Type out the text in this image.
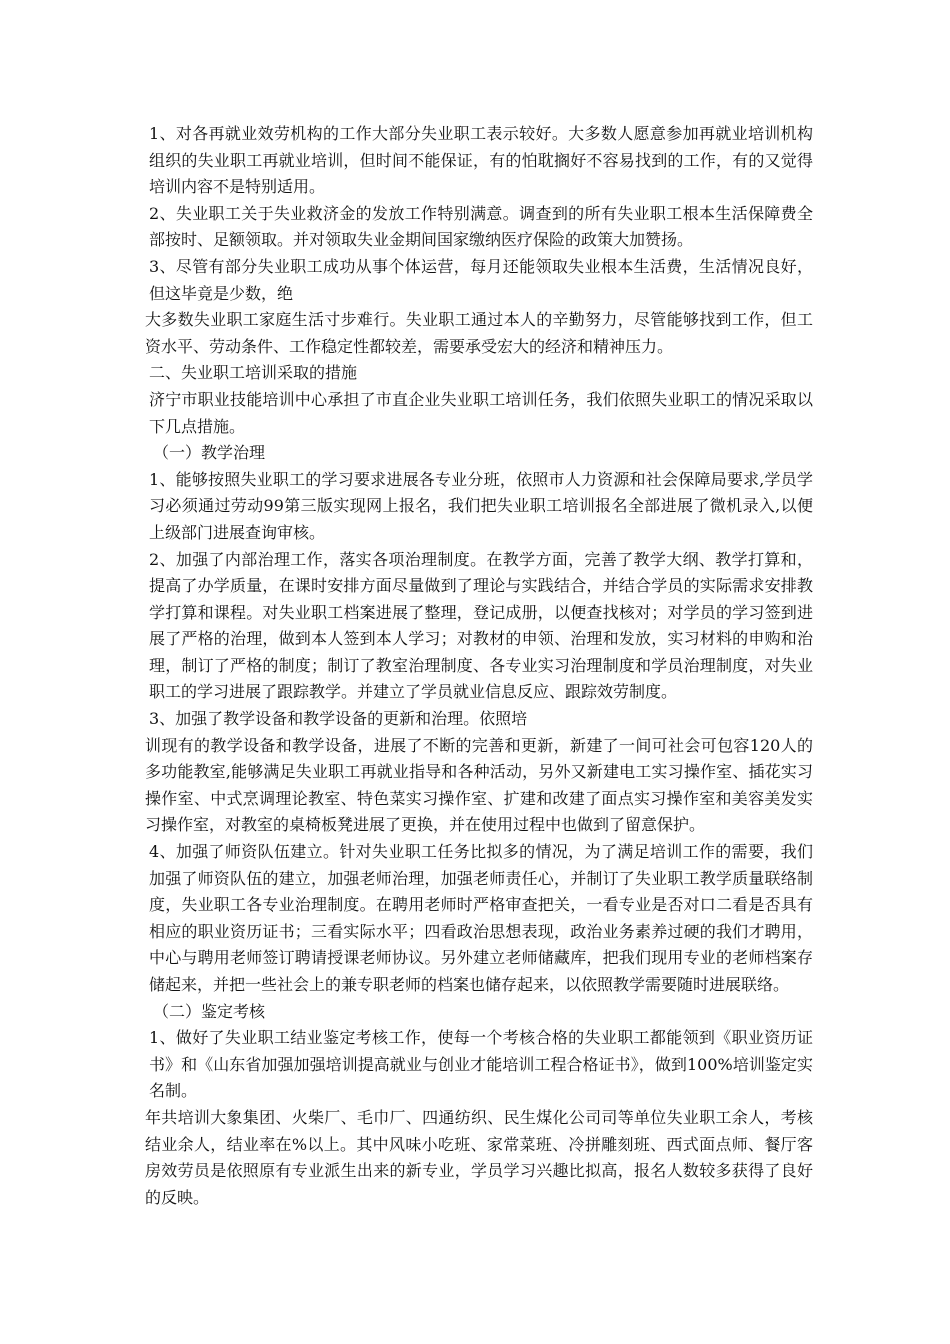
1、对各再就业效劳机构的工作大部分失业职工表示较好。大多数人愿意参加再就业培训机构组织的失业职工再就业培训，但时间不能保证，有的怕耽搁好不容易找到的工作，有的又觉得培训内容不是特别适用。

2、失业职工关于失业救济金的发放工作特别满意。调查到的所有失业职工根本生活保障费全部按时、足额领取。并对领取失业金期间国家缴纳医疗保险的政策大加赞扬。

3、尽管有部分失业职工成功从事个体运营，每月还能领取失业根本生活费，生活情况良好，但这毕竟是少数，绝

大多数失业职工家庭生活寸步难行。失业职工通过本人的辛勤努力，尽管能够找到工作，但工资水平、劳动条件、工作稳定性都较差，需要承受宏大的经济和精神压力。

二、失业职工培训采取的措施

济宁市职业技能培训中心承担了市直企业失业职工培训任务，我们依照失业职工的情况采取以下几点措施。

（一）教学治理

1、能够按照失业职工的学习要求进展各专业分班，依照市人力资源和社会保障局要求,学员学习必须通过劳动99第三版实现网上报名，我们把失业职工培训报名全部进展了微机录入,以便上级部门进展查询审核。

2、加强了内部治理工作，落实各项治理制度。在教学方面，完善了教学大纲、教学打算和，提高了办学质量，在课时安排方面尽量做到了理论与实践结合，并结合学员的实际需求安排教学打算和课程。对失业职工档案进展了整理，登记成册，以便查找核对；对学员的学习签到进展了严格的治理，做到本人签到本人学习；对教材的申领、治理和发放，实习材料的申购和治理，制订了严格的制度；制订了教室治理制度、各专业实习治理制度和学员治理制度，对失业职工的学习进展了跟踪教学。并建立了学员就业信息反应、跟踪效劳制度。

3、加强了教学设备和教学设备的更新和治理。依照培

训现有的教学设备和教学设备，进展了不断的完善和更新，新建了一间可社会可包容120人的多功能教室,能够满足失业职工再就业指导和各种活动，另外又新建电工实习操作室、插花实习操作室、中式烹调理论教室、特色菜实习操作室、扩建和改建了面点实习操作室和美容美发实习操作室，对教室的桌椅板凳进展了更换，并在使用过程中也做到了留意保护。

4、加强了师资队伍建立。针对失业职工任务比拟多的情况，为了满足培训工作的需要，我们加强了师资队伍的建立，加强老师治理，加强老师责任心，并制订了失业职工教学质量联络制度，失业职工各专业治理制度。在聘用老师时严格审查把关，一看专业是否对口二看是否具有相应的职业资历证书；三看实际水平；四看政治思想表现，政治业务素养过硬的我们才聘用，中心与聘用老师签订聘请授课老师协议。另外建立老师储藏库，把我们现用专业的老师档案存储起来，并把一些社会上的兼专职老师的档案也储存起来，以依照教学需要随时进展联络。

（二）鉴定考核

1、做好了失业职工结业鉴定考核工作，使每一个考核合格的失业职工都能领到《职业资历证书》和《山东省加强加强培训提高就业与创业才能培训工程合格证书》，做到100%培训鉴定实名制。

年共培训大象集团、火柴厂、毛巾厂、四通纺织、民生煤化公司司等单位失业职工余人，考核结业余人，结业率在%以上。其中风味小吃班、家常菜班、冷拼雕刻班、西式面点师、餐厅客房效劳员是依照原有专业派生出来的新专业，学员学习兴趣比拟高，报名人数较多获得了良好的反映。
